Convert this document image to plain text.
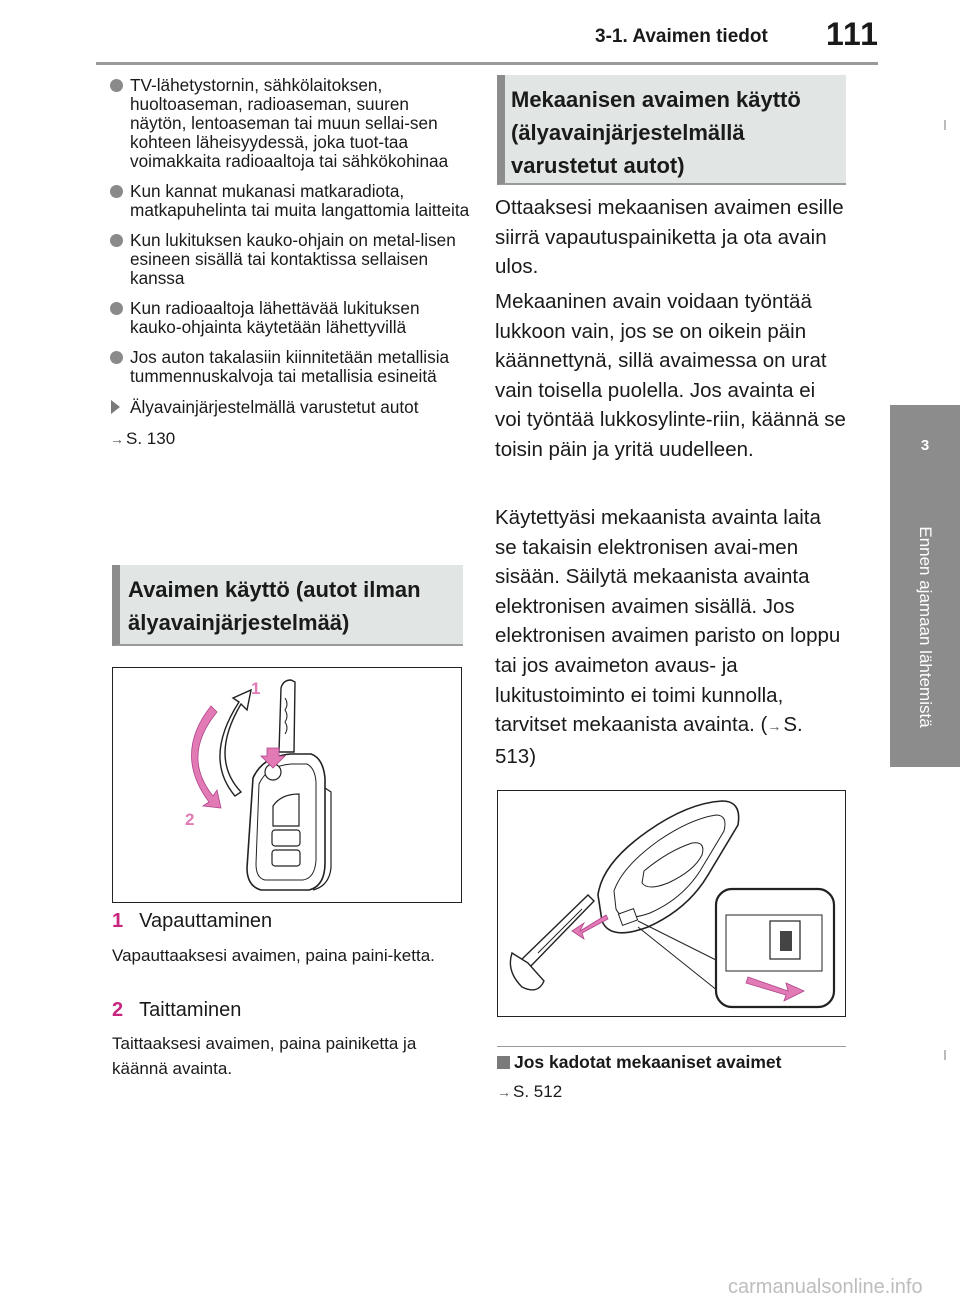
3-1. Avaimen tiedot 111
3
Ennen ajamaan lähtemistä
TV-lähetystornin, sähkölaitoksen, huoltoaseman, radioaseman, suuren näytön, lentoaseman tai muun sellai-sen kohteen läheisyydessä, joka tuot-taa voimakkaita radioaaltoja tai sähkökohinaa
Kun kannat mukanasi matkaradiota, matkapuhelinta tai muita langattomia laitteita
Kun lukituksen kauko-ohjain on metal-lisen esineen sisällä tai kontaktissa sellaisen kanssa
Kun radioaaltoja lähettävää lukituksen kauko-ohjainta käytetään lähettyvillä
Jos auton takalasiin kiinnitetään metallisia tummennuskalvoja tai metallisia esineitä
Älyavainjärjestelmällä varustetut autot
→ S. 130
Avaimen käyttö (autot ilman älyavainjärjestelmää)
1
2
1 Vapauttaminen
Vapauttaaksesi avaimen, paina paini-ketta.
2 Taittaminen
Taittaaksesi avaimen, paina painiketta ja käännä avainta.
Mekaanisen avaimen käyttö (älyavainjärjestelmällä varustetut autot)
Ottaaksesi mekaanisen avaimen esille siirrä vapautuspainiketta ja ota avain ulos.
Mekaaninen avain voidaan työntää lukkoon vain, jos se on oikein päin käännettynä, sillä avaimessa on urat vain toisella puolella. Jos avainta ei voi työntää lukkosylinte-riin, käännä se toisin päin ja yritä uudelleen.
Käytettyäsi mekaanista avainta laita se takaisin elektronisen avai-men sisään. Säilytä mekaanista avainta elektronisen avaimen sisällä. Jos elektronisen avaimen paristo on loppu tai jos avaimeton avaus- ja lukitustoiminto ei toimi kunnolla, tarvitset mekaanista avainta. (→S. 513)
Jos kadotat mekaaniset avaimet
→ S. 512
carmanualsonline.info
